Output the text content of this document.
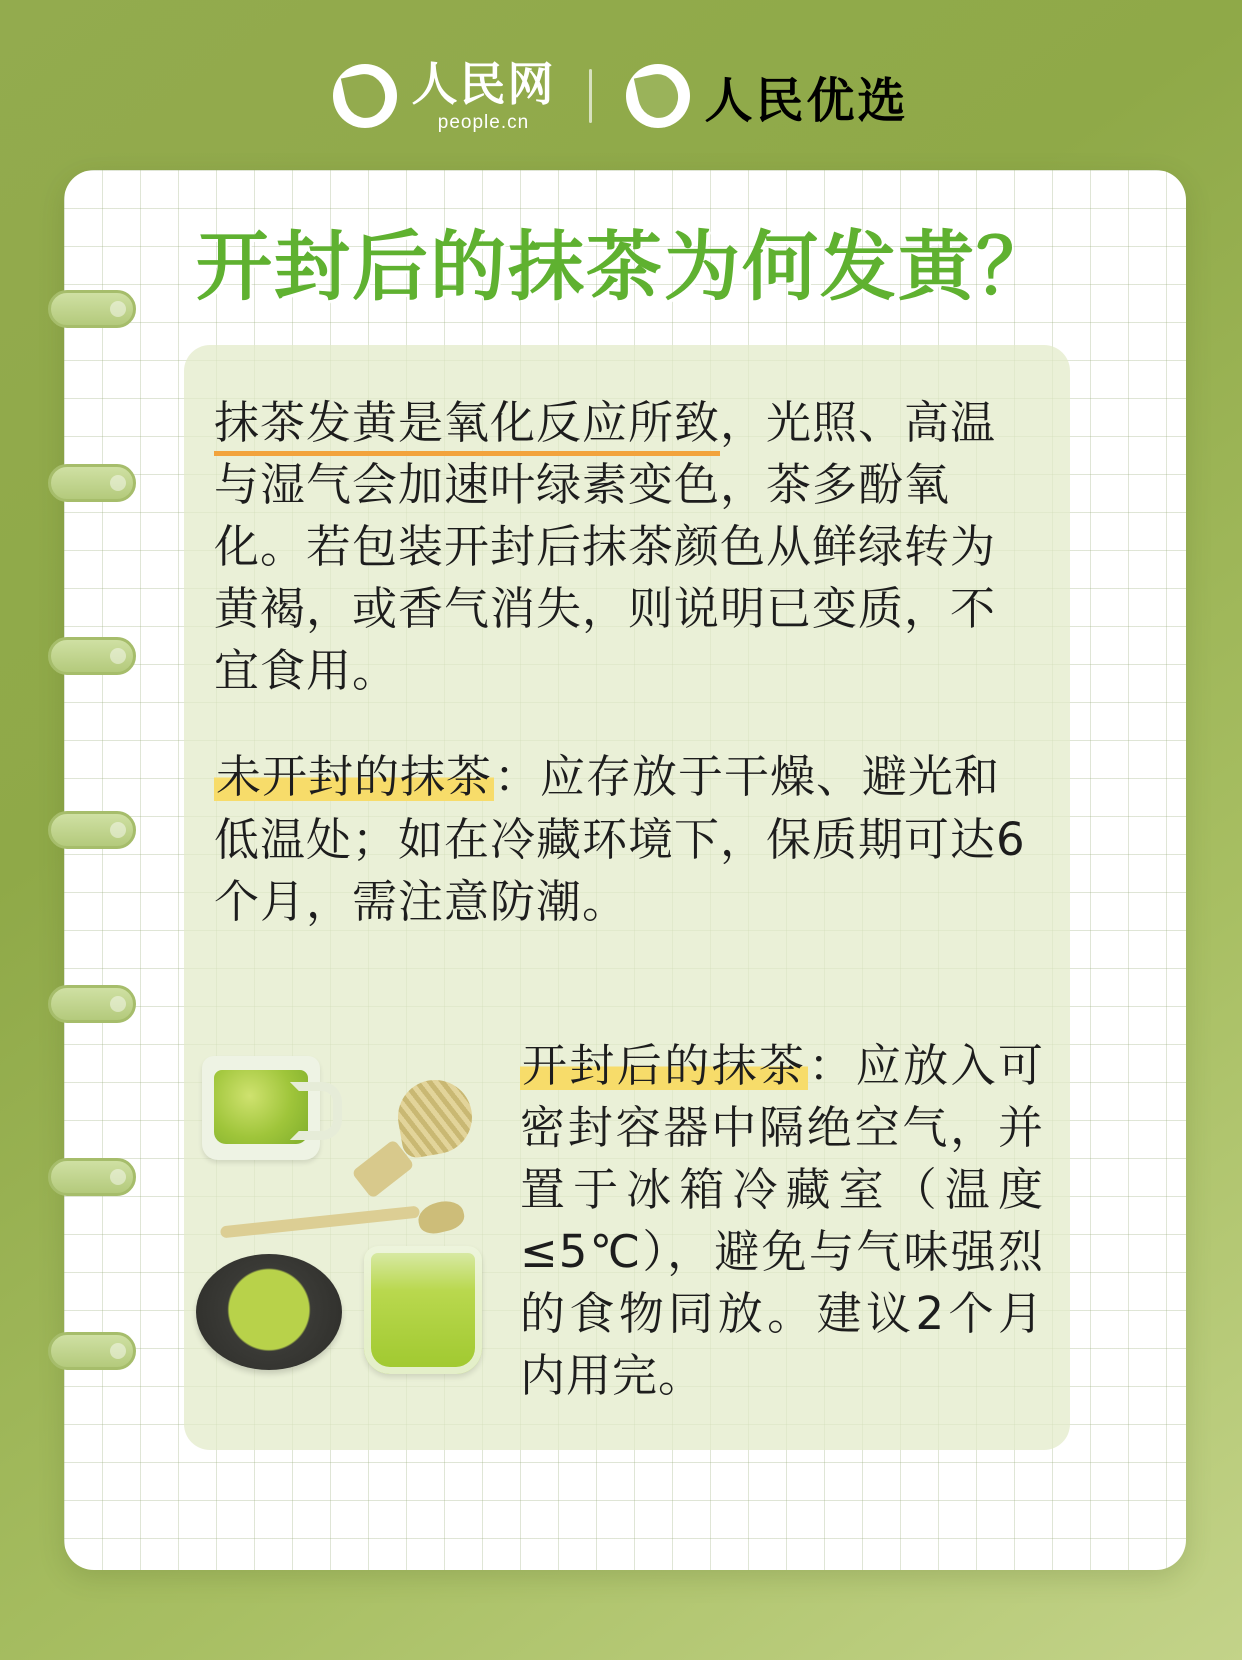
人民网
people.cn	人民优选
开封后的抹茶为何发黄？

抹茶发黄是氧化反应所致，光照、高温与湿气会加速叶绿素变色，茶多酚氧化。若包装开封后抹茶颜色从鲜绿转为黄褐，或香气消失，则说明已变质，不宜食用。

未开封的抹茶：应存放于干燥、避光和低温处；如在冷藏环境下，保质期可达6个月，需注意防潮。

开封后的抹茶：应放入可密封容器中隔绝空气，并置于冰箱冷藏室（温度≤5℃），避免与气味强烈的食物同放。建议2个月内用完。
